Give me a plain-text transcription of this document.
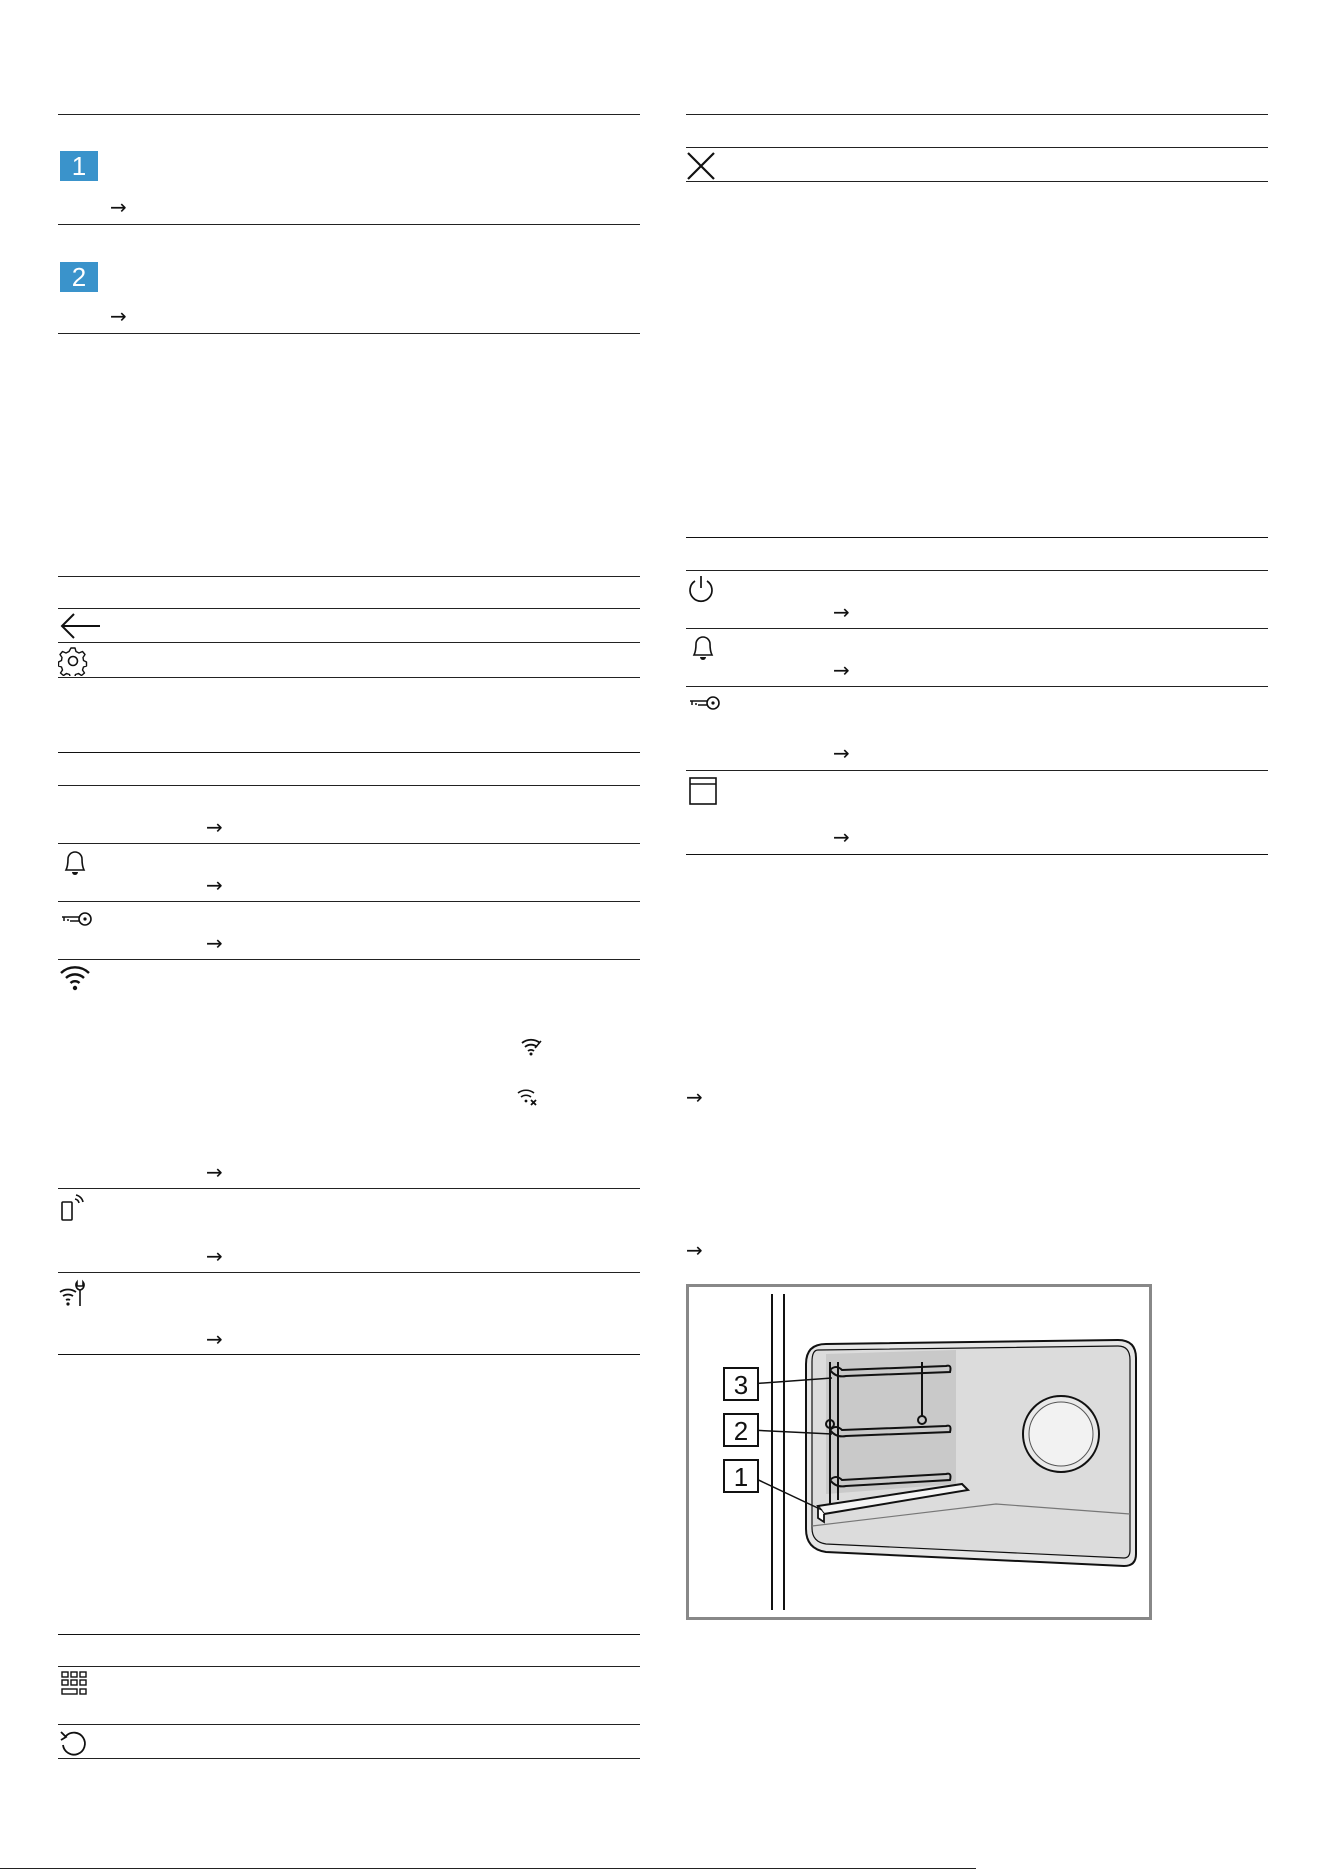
1
→
2
→
→
→
→
→
→
→
→
→
→
→
→
→
3
2
1
